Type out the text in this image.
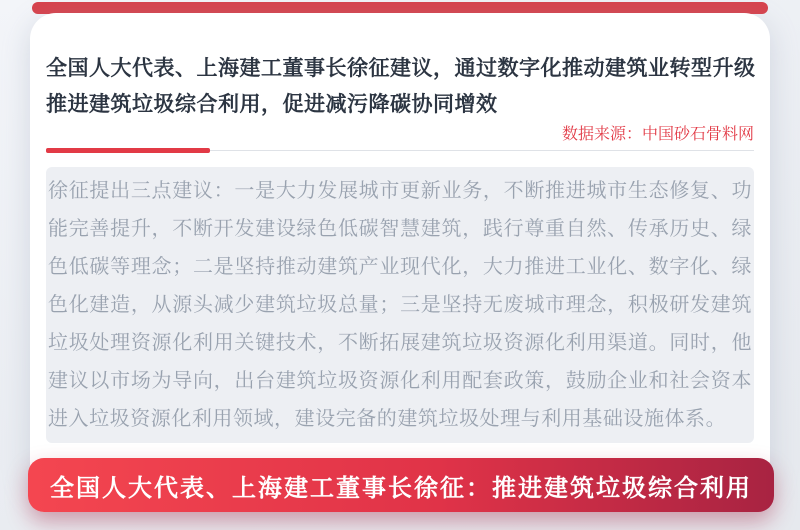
全国人大代表、上海建工董事长徐征建议，通过数字化推动建筑业转型升级
推进建筑垃圾综合利用，促进减污降碳协同增效
数据来源：中国砂石骨料网

徐征提出三点建议：一是大力发展城市更新业务，不断推进城市生态修复、功能完善提升，不断开发建设绿色低碳智慧建筑，践行尊重自然、传承历史、绿色低碳等理念；二是坚持推动建筑产业现代化，大力推进工业化、数字化、绿色化建造，从源头减少建筑垃圾总量；三是坚持无废城市理念，积极研发建筑垃圾处理资源化利用关键技术，不断拓展建筑垃圾资源化利用渠道。同时，他建议以市场为导向，出台建筑垃圾资源化利用配套政策，鼓励企业和社会资本进入垃圾资源化利用领域，建设完备的建筑垃圾处理与利用基础设施体系。

全国人大代表、上海建工董事长徐征：推进建筑垃圾综合利用
